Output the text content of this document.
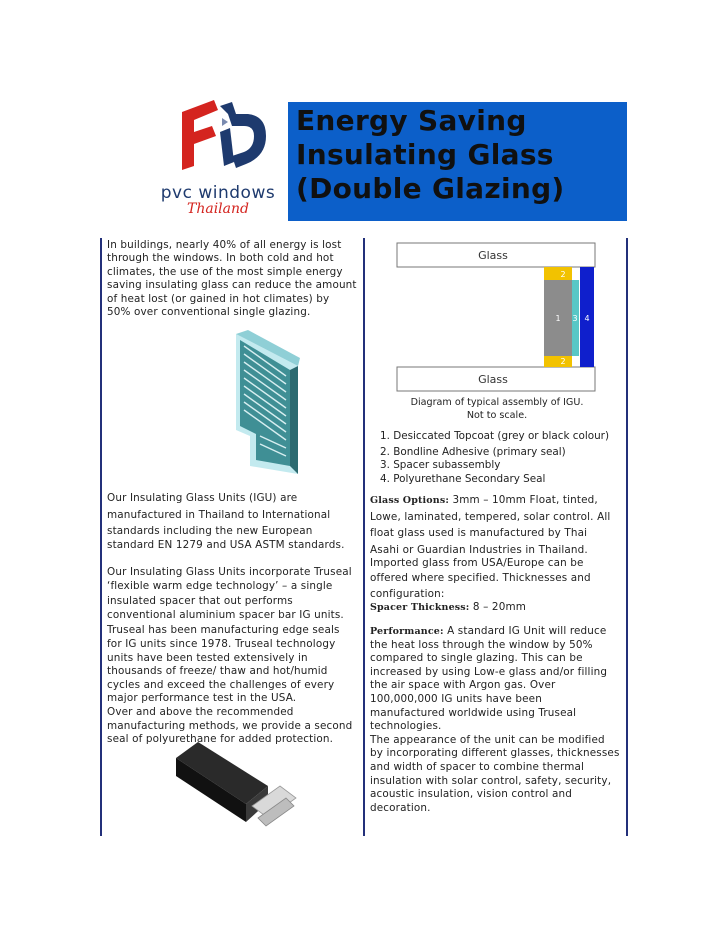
pvc windows
Thailand
Energy Saving
Insulating Glass
(Double Glazing)
In buildings, nearly 40% of all energy is lost
through the windows. In both cold and hot
climates, the use of the most simple energy
saving insulating glass can reduce the amount
of heat lost (or gained in hot climates) by
50% over conventional single glazing.
Glass
Glass
2
1 3 4
2
Diagram of typical assembly of IGU.
Not to scale.
1. Desiccated Topcoat (grey or black colour)
2. Bondline Adhesive (primary seal)
3. Spacer subassembly
4. Polyurethane Secondary Seal
Our Insulating Glass Units (IGU) are
manufactured in Thailand to International
standards including the new European
standard EN 1279 and USA ASTM standards.
Our Insulating Glass Units incorporate Truseal
‘flexible warm edge technology’ – a single
insulated spacer that out performs
conventional aluminium spacer bar IG units.
Truseal has been manufacturing edge seals
for IG units since 1978. Truseal technology
units have been tested extensively in
thousands of freeze/ thaw and hot/humid
cycles and exceed the challenges of every
major performance test in the USA.
Over and above the recommended
manufacturing methods, we provide a second
seal of polyurethane for added protection.
Glass Options: 3mm – 10mm Float, tinted,
Lowe, laminated, tempered, solar control. All
float glass used is manufactured by Thai
Asahi or Guardian Industries in Thailand.
Imported glass from USA/Europe can be
offered where specified. Thicknesses and
configuration:
Spacer Thickness: 8 – 20mm
Performance: A standard IG Unit will reduce
the heat loss through the window by 50%
compared to single glazing. This can be
increased by using Low-e glass and/or filling
the air space with Argon gas. Over
100,000,000 IG units have been
manufactured worldwide using Truseal
technologies.
The appearance of the unit can be modified
by incorporating different glasses, thicknesses
and width of spacer to combine thermal
insulation with solar control, safety, security,
acoustic insulation, vision control and
decoration.
